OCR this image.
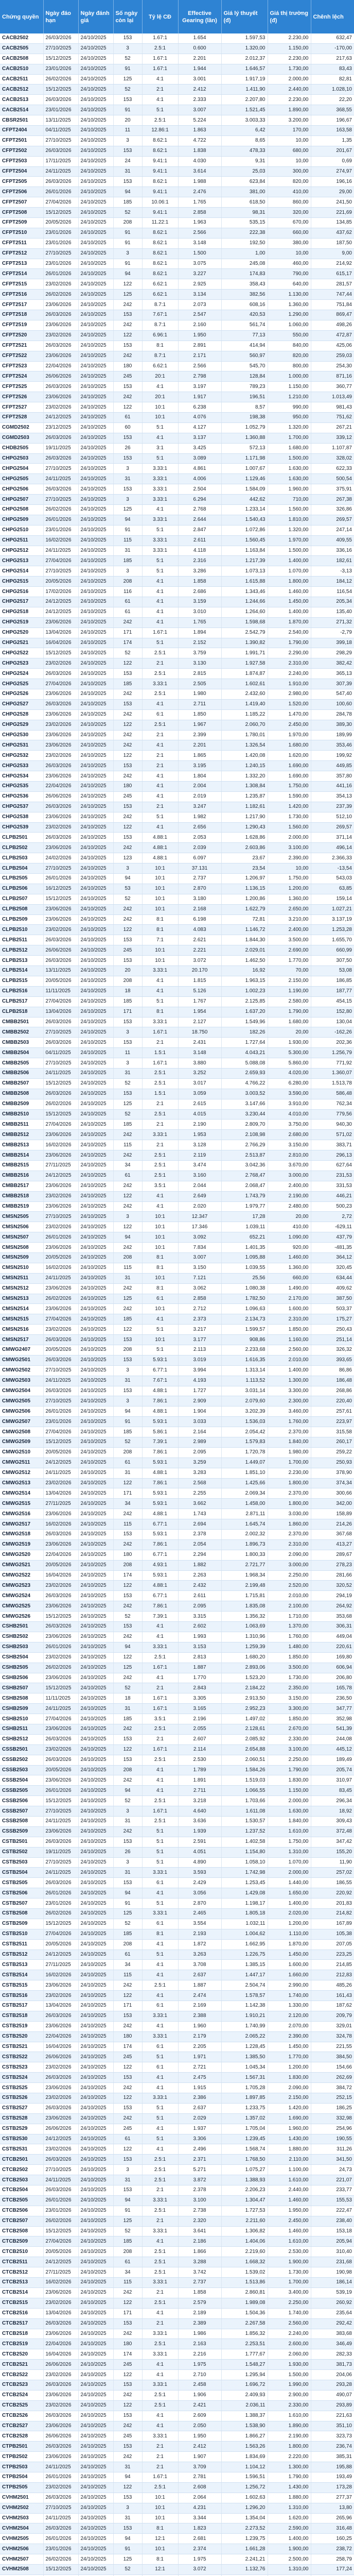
Chứng quyền	Ngày đáo hạn	Ngày đánh giá	Số ngày còn lại	Tỷ lệ CĐ	Effective Gearing (lần)	Giá lý thuyết (đ)	Giá thị trường (đ)	Chênh lệch
CACB2502	26/03/2026	24/10/2025	153	1.67:1	1.654	1.597,53	2.230,00	632,47
CACB2505	27/10/2025	24/10/2025	3	2.5:1	0.600	1.320,00	1.150,00	-170,00
CACB2508	15/12/2025	24/10/2025	52	1.67:1	2.201	2.012,37	2.230,00	217,63
CACB2510	23/01/2026	24/10/2025	91	1.67:1	1.944	1.646,57	1.730,00	83,43
CACB2511	26/02/2026	24/10/2025	125	4:1	3.001	1.917,19	2.000,00	82,81
CACB2512	15/12/2025	24/10/2025	52	2:1	2.412	1.411,90	2.440,00	1.028,10
CACB2513	26/03/2026	24/10/2025	153	4:1	2.333	2.207,80	2.230,00	22,20
CACB2514	23/01/2026	24/10/2025	91	5:1	3.007	1.521,45	1.890,00	368,55
CBSR2501	13/11/2025	24/10/2025	20	2.5:1	5.224	3.003,33	3.200,00	196,67
CFPT2404	04/11/2025	24/10/2025	11	12.86:1	1.863	6,42	170,00	163,58
CFPT2501	27/10/2025	24/10/2025	3	8.62:1	4.722	8,65	10,00	1,35
CFPT2502	26/03/2026	24/10/2025	153	8.62:1	1.838	478,33	680,00	201,67
CFPT2503	17/11/2025	24/10/2025	24	9.41:1	4.030	9,31	10,00	0,69
CFPT2504	24/11/2025	24/10/2025	31	9.41:1	3.614	25,03	300,00	274,97
CFPT2505	26/03/2026	24/10/2025	153	8.62:1	1.988	623,84	820,00	196,16
CFPT2506	26/01/2026	24/10/2025	94	9.41:1	2.476	381,00	410,00	29,00
CFPT2507	27/04/2026	24/10/2025	185	10.06:1	1.765	618,50	860,00	241,50
CFPT2508	15/12/2025	24/10/2025	52	9.41:1	2.858	98,31	320,00	221,69
CFPT2509	20/05/2026	24/10/2025	208	11.22:1	1.963	535,15	670,00	134,85
CFPT2510	23/01/2026	24/10/2025	91	8.62:1	2.566	222,38	660,00	437,62
CFPT2511	23/01/2026	24/10/2025	91	8.62:1	3.148	192,50	380,00	187,50
CFPT2512	27/10/2025	24/10/2025	3	8.62:1	1.500	1,00	10,00	9,00
CFPT2513	23/01/2026	24/10/2025	91	8.62:1	3.075	245,08	460,00	214,92
CFPT2514	26/01/2026	24/10/2025	94	8.62:1	3.227	174,83	790,00	615,17
CFPT2515	23/02/2026	24/10/2025	122	6.62:1	2.925	358,43	640,00	281,57
CFPT2516	26/02/2026	24/10/2025	125	6.62:1	3.134	382,56	1.130,00	747,44
CFPT2517	23/06/2026	24/10/2025	242	8.7:1	2.073	608,16	1.360,00	751,84
CFPT2518	26/03/2026	24/10/2025	153	7.67:1	2.547	420,53	1.290,00	869,47
CFPT2519	23/06/2026	24/10/2025	242	8.7:1	2.160	561,74	1.060,00	498,26
CFPT2520	23/02/2026	24/10/2025	122	6.96:1	1.950	77,13	550,00	472,87
CFPT2521	26/03/2026	24/10/2025	153	8:1	2.891	414,94	840,00	425,06
CFPT2522	23/06/2026	24/10/2025	242	8.7:1	2.171	560,97	820,00	259,03
CFPT2523	22/04/2026	24/10/2025	180	6.62:1	2.566	545,70	800,00	254,30
CFPT2524	26/06/2026	24/10/2025	245	20:1	2.798	128,84	1.000,00	871,16
CFPT2525	26/03/2026	24/10/2025	153	4:1	3.197	789,23	1.150,00	360,77
CFPT2526	23/06/2026	24/10/2025	242	20:1	1.917	196,51	1.210,00	1.013,49
CFPT2527	23/02/2026	24/10/2025	122	10:1	6.238	8,57	990,00	981,43
CFPT2528	24/12/2025	24/10/2025	61	10:1	4.076	198,38	950,00	751,62
CGMD2502	23/12/2025	24/10/2025	60	5:1	4.127	1.052,79	1.320,00	267,21
CGMD2503	26/03/2026	24/10/2025	153	4:1	3.137	1.360,88	1.700,00	339,12
CHDB2505	19/11/2025	24/10/2025	26	3:1	3.425	572,13	1.680,00	1.107,87
CHPG2503	26/03/2026	24/10/2025	153	5:1	3.089	1.171,98	1.500,00	328,02
CHPG2504	27/10/2025	24/10/2025	3	3.33:1	4.861	1.007,67	1.630,00	622,33
CHPG2505	24/11/2025	24/10/2025	31	3.33:1	4.006	1.129,46	1.630,00	500,54
CHPG2506	26/03/2026	24/10/2025	153	3.33:1	2.504	1.584,09	1.960,00	375,91
CHPG2507	27/10/2025	24/10/2025	3	3.33:1	6.294	442,62	710,00	267,38
CHPG2508	26/02/2026	24/10/2025	125	4:1	2.768	1.233,14	1.560,00	326,86
CHPG2509	26/01/2026	24/10/2025	94	3.33:1	2.644	1.540,43	1.810,00	269,57
CHPG2510	23/01/2026	24/10/2025	91	5:1	2.847	1.072,86	1.320,00	247,14
CHPG2511	16/02/2026	24/10/2025	115	3.33:1	2.611	1.560,45	1.970,00	409,55
CHPG2512	24/11/2025	24/10/2025	31	3.33:1	4.118	1.163,84	1.500,00	336,16
CHPG2513	27/04/2026	24/10/2025	185	5:1	2.316	1.217,39	1.400,00	182,61
CHPG2514	27/10/2025	24/10/2025	3	5:1	3.286	1.073,13	1.070,00	-3,13
CHPG2515	20/05/2026	24/10/2025	208	4:1	1.858	1.615,88	1.800,00	184,12
CHPG2516	17/02/2026	24/10/2025	116	4:1	2.686	1.343,46	1.460,00	116,54
CHPG2517	24/12/2025	24/10/2025	61	4:1	3.159	1.244,66	1.450,00	205,34
CHPG2518	24/12/2025	24/10/2025	61	4:1	3.010	1.264,60	1.400,00	135,40
CHPG2519	23/06/2026	24/10/2025	242	4:1	1.765	1.598,68	1.870,00	271,32
CHPG2520	13/04/2026	24/10/2025	171	1.67:1	1.894	2.542,79	2.540,00	-2,79
CHPG2521	16/04/2026	24/10/2025	174	5:1	2.152	1.390,82	1.790,00	399,18
CHPG2522	15/12/2025	24/10/2025	52	2.5:1	3.759	1.991,71	2.290,00	298,29
CHPG2523	23/02/2026	24/10/2025	122	2:1	3.130	1.927,58	2.310,00	382,42
CHPG2524	26/03/2026	24/10/2025	153	2.5:1	2.815	1.874,87	2.240,00	365,13
CHPG2525	27/04/2026	24/10/2025	185	3.33:1	2.505	1.602,61	1.910,00	307,39
CHPG2526	23/06/2026	24/10/2025	242	2.5:1	1.980	2.432,60	2.980,00	547,40
CHPG2527	26/03/2026	24/10/2025	153	4:1	2.711	1.419,40	1.520,00	100,60
CHPG2528	23/06/2026	24/10/2025	242	6:1	1.850	1.185,22	1.470,00	284,78
CHPG2529	23/02/2026	24/10/2025	122	2.5:1	1.967	2.060,70	2.450,00	389,30
CHPG2530	23/06/2026	24/10/2025	242	2:1	2.399	1.780,01	1.970,00	189,99
CHPG2531	23/06/2026	24/10/2025	242	4:1	2.201	1.326,54	1.680,00	353,46
CHPG2532	23/02/2026	24/10/2025	122	2:1	1.865	1.420,08	1.620,00	199,92
CHPG2533	26/03/2026	24/10/2025	153	2:1	3.195	1.240,15	1.690,00	449,85
CHPG2534	23/06/2026	24/10/2025	242	4:1	1.804	1.332,20	1.690,00	357,80
CHPG2535	22/04/2026	24/10/2025	180	4:1	2.004	1.308,84	1.750,00	441,16
CHPG2536	26/06/2026	24/10/2025	245	4:1	2.019	1.235,87	1.590,00	354,13
CHPG2537	26/03/2026	24/10/2025	153	2:1	3.247	1.182,61	1.420,00	237,39
CHPG2538	23/06/2026	24/10/2025	242	5:1	1.982	1.217,90	1.730,00	512,10
CHPG2539	23/02/2026	24/10/2025	122	4:1	2.656	1.290,43	1.560,00	269,57
CLPB2501	26/03/2026	24/10/2025	153	4.88:1	2.053	1.628,86	2.000,00	371,14
CLPB2502	23/06/2026	24/10/2025	242	4.88:1	2.039	2.603,86	3.100,00	496,14
CLPB2503	24/02/2026	24/10/2025	123	4.88:1	6.097	23,67	2.390,00	2.366,33
CLPB2504	27/10/2025	24/10/2025	3	10:1	37.131	23,54	10,00	-13,54
CLPB2505	26/01/2026	24/10/2025	94	10:1	2.737	1.206,97	1.750,00	543,03
CLPB2506	16/12/2025	24/10/2025	53	10:1	2.870	1.136,15	1.200,00	63,85
CLPB2507	15/12/2025	24/10/2025	52	10:1	3.180	1.200,86	1.360,00	159,14
CLPB2508	23/06/2026	24/10/2025	242	10:1	2.168	1.622,79	2.650,00	1.027,21
CLPB2509	23/06/2026	24/10/2025	242	8:1	6.198	72,81	3.210,00	3.137,19
CLPB2510	23/02/2026	24/10/2025	122	8:1	4.083	1.146,72	2.400,00	1.253,28
CLPB2511	26/03/2026	24/10/2025	153	7:1	2.621	1.844,30	3.500,00	1.655,70
CLPB2512	26/06/2026	24/10/2025	245	10:1	2.221	2.029,01	2.690,00	660,99
CLPB2513	26/03/2026	24/10/2025	153	10:1	3.072	1.462,50	1.770,00	307,50
CLPB2514	13/11/2025	24/10/2025	20	3.33:1	20.170	16,92	70,00	53,08
CLPB2515	20/05/2026	24/10/2025	208	4:1	1.815	1.963,15	2.150,00	186,85
CLPB2516	11/11/2025	24/10/2025	18	4:1	5.126	1.002,23	1.190,00	187,77
CLPB2517	27/04/2026	24/10/2025	185	5:1	1.767	2.125,85	2.580,00	454,15
CLPB2518	13/04/2026	24/10/2025	171	8:1	1.954	1.637,20	1.790,00	152,80
CMBB2501	26/03/2026	24/10/2025	153	3.33:1	2.127	1.549,96	1.680,00	130,04
CMBB2502	27/10/2025	24/10/2025	3	1.67:1	18.750	182,26	20,00	-162,26
CMBB2503	26/03/2026	24/10/2025	153	2:1	2.431	1.727,64	1.930,00	202,36
CMBB2504	04/11/2025	24/10/2025	11	1.5:1	3.148	4.043,21	5.300,00	1.256,79
CMBB2505	27/10/2025	24/10/2025	3	1.67:1	3.880	5.088,08	5.860,00	771,92
CMBB2506	24/11/2025	24/10/2025	31	2.5:1	3.252	2.659,93	4.020,00	1.360,07
CMBB2507	15/12/2025	24/10/2025	52	2.5:1	3.017	4.766,22	6.280,00	1.513,78
CMBB2508	26/03/2026	24/10/2025	153	1.5:1	3.059	3.003,52	3.590,00	586,48
CMBB2509	26/02/2026	24/10/2025	125	2:1	2.615	3.147,66	3.910,00	762,34
CMBB2510	15/12/2025	24/10/2025	52	2.5:1	4.015	3.230,44	4.010,00	779,56
CMBB2511	27/04/2026	24/10/2025	185	2:1	2.190	2.809,70	3.750,00	940,30
CMBB2512	23/06/2026	24/10/2025	242	3.33:1	1.953	2.108,98	2.680,00	571,02
CMBB2513	16/02/2026	24/10/2025	115	2:1	3.128	2.766,29	3.150,00	383,71
CMBB2514	23/06/2026	24/10/2025	242	2.5:1	2.119	2.513,87	2.810,00	296,13
CMBB2515	27/11/2025	24/10/2025	34	2.5:1	3.474	3.042,36	3.670,00	627,64
CMBB2516	24/12/2025	24/10/2025	61	2.5:1	3.160	2.768,47	3.000,00	231,53
CMBB2517	23/06/2026	24/10/2025	242	3.5:1	2.044	2.068,47	2.400,00	331,53
CMBB2518	23/02/2026	24/10/2025	122	4:1	2.649	1.743,79	2.190,00	446,21
CMBB2519	23/06/2026	24/10/2025	242	4:1	2.020	1.979,77	2.480,00	500,23
CMSN2505	27/10/2025	24/10/2025	3	10:1	12.347	17,28	20,00	2,72
CMSN2506	23/02/2026	24/10/2025	122	10:1	17.346	1.039,11	410,00	-629,11
CMSN2507	26/01/2026	24/10/2025	94	10:1	3.092	652,21	1.090,00	437,79
CMSN2508	23/06/2026	24/10/2025	242	10:1	7.834	1.401,35	920,00	-481,35
CMSN2509	20/05/2026	24/10/2025	208	8:1	3.007	1.095,88	1.460,00	364,12
CMSN2510	16/02/2026	24/10/2025	115	8:1	3.150	1.039,55	1.360,00	320,45
CMSN2511	24/11/2025	24/10/2025	31	10:1	7.121	25,56	660,00	634,44
CMSN2512	23/06/2026	24/10/2025	242	8:1	3.062	1.080,38	1.490,00	409,62
CMSN2513	26/02/2026	24/10/2025	125	6:1	2.858	1.782,50	2.170,00	387,50
CMSN2514	23/06/2026	24/10/2025	242	10:1	2.712	1.096,63	1.600,00	503,37
CMSN2515	27/04/2026	24/10/2025	185	4:1	2.373	2.134,73	2.310,00	175,27
CMSN2516	23/02/2026	24/10/2025	122	5:1	3.217	1.599,57	1.850,00	250,43
CMSN2517	26/03/2026	24/10/2025	153	10:1	3.177	908,86	1.160,00	251,14
CMWG2407	20/05/2026	24/10/2025	208	5:1	2.113	2.233,68	2.560,00	326,32
CMWG2501	26/03/2026	24/10/2025	153	5.93:1	3.019	1.616,35	2.010,00	393,65
CMWG2502	27/10/2025	24/10/2025	3	6.77:1	3.994	1.313,14	1.400,00	86,86
CMWG2503	24/11/2025	24/10/2025	31	7.67:1	4.193	1.113,52	1.300,00	186,48
CMWG2504	26/03/2026	24/10/2025	153	4.88:1	1.727	3.031,14	3.300,00	268,86
CMWG2505	27/10/2025	24/10/2025	3	7.86:1	2.909	2.079,60	2.300,00	220,40
CMWG2506	26/01/2026	24/10/2025	94	4.88:1	1.904	3.202,39	3.460,00	257,61
CMWG2507	23/01/2026	24/10/2025	91	5.93:1	3.033	1.536,03	1.760,00	223,97
CMWG2508	27/04/2026	24/10/2025	185	5.86:1	2.164	2.054,42	2.370,00	315,58
CMWG2509	15/12/2025	24/10/2025	52	7.39:1	2.989	1.579,83	1.840,00	260,17
CMWG2510	20/05/2026	24/10/2025	208	7.86:1	2.095	1.720,78	1.980,00	259,22
CMWG2511	24/12/2025	24/10/2025	61	5.93:1	3.259	1.449,07	1.700,00	250,93
CMWG2512	24/11/2025	24/10/2025	31	4.88:1	3.283	1.851,10	2.230,00	378,90
CMWG2513	23/02/2026	24/10/2025	122	7.86:1	2.568	1.425,66	1.800,00	374,34
CMWG2514	13/04/2026	24/10/2025	171	5.93:1	2.255	2.069,34	2.370,00	300,66
CMWG2515	27/11/2025	24/10/2025	34	5.93:1	3.662	1.458,00	1.800,00	342,00
CMWG2516	23/06/2026	24/10/2025	242	4.88:1	1.743	2.871,11	3.030,00	158,89
CMWG2517	16/02/2026	24/10/2025	115	6.77:1	2.694	1.645,74	1.860,00	214,26
CMWG2518	26/03/2026	24/10/2025	153	5.93:1	2.378	2.002,32	2.370,00	367,68
CMWG2519	23/06/2026	24/10/2025	242	7.86:1	2.054	1.896,73	2.310,00	413,27
CMWG2520	22/04/2026	24/10/2025	180	6.77:1	2.294	1.800,33	2.090,00	289,67
CMWG2521	20/05/2026	24/10/2025	208	4.93:1	1.882	2.721,77	3.000,00	278,23
CMWG2522	16/04/2026	24/10/2025	174	5.93:1	2.263	1.968,34	2.250,00	281,66
CMWG2523	23/02/2026	24/10/2025	122	4.88:1	2.432	2.199,48	2.520,00	320,52
CMWG2524	26/03/2026	24/10/2025	153	6.77:1	2.611	1.715,81	2.010,00	294,19
CMWG2525	23/06/2026	24/10/2025	242	7.86:1	2.095	1.835,08	2.100,00	264,92
CMWG2526	15/12/2025	24/10/2025	52	7.39:1	3.315	1.356,32	1.710,00	353,68
CSHB2501	26/03/2026	24/10/2025	153	4:1	2.602	1.063,69	1.370,00	306,31
CSHB2502	23/06/2026	24/10/2025	242	4:1	1.993	1.310,96	1.760,00	449,04
CSHB2503	26/01/2026	24/10/2025	94	3.33:1	3.153	1.259,39	1.480,00	220,61
CSHB2504	23/02/2026	24/10/2025	122	2.5:1	2.813	1.680,20	1.850,00	169,80
CSHB2505	26/02/2026	24/10/2025	125	1.67:1	1.887	2.893,06	3.500,00	606,94
CSHB2506	23/06/2026	24/10/2025	242	4:1	1.770	1.523,20	1.730,00	206,80
CSHB2507	15/12/2025	24/10/2025	52	2:1	2.843	2.184,22	2.350,00	165,78
CSHB2508	11/11/2025	24/10/2025	18	1.67:1	3.305	2.913,50	3.150,00	236,50
CSHB2509	24/11/2025	24/10/2025	31	1.67:1	3.165	2.952,23	3.300,00	347,77
CSHB2510	27/04/2026	24/10/2025	185	3.5:1	2.196	1.497,02	1.850,00	352,98
CSHB2511	23/06/2026	24/10/2025	242	2.5:1	2.055	2.128,61	2.670,00	541,39
CSHB2512	26/03/2026	24/10/2025	153	2:1	2.607	2.085,92	2.330,00	244,08
CSSB2501	23/02/2026	24/10/2025	122	1.67:1	2.114	2.654,88	3.100,00	445,12
CSSB2502	26/03/2026	24/10/2025	153	2.5:1	2.530	2.060,51	2.250,00	189,49
CSSB2503	20/05/2026	24/10/2025	208	4:1	1.789	1.584,26	1.790,00	205,74
CSSB2504	23/06/2026	24/10/2025	242	4:1	1.891	1.519,03	1.830,00	310,97
CSSB2505	26/01/2026	24/10/2025	94	4:1	2.711	1.066,55	1.150,00	83,45
CSSB2506	15/12/2025	24/10/2025	52	2.5:1	3.218	1.703,66	2.000,00	296,34
CSSB2507	27/10/2025	24/10/2025	3	1.67:1	4.640	1.611,08	1.630,00	18,92
CSSB2508	24/11/2025	24/10/2025	31	2.5:1	3.636	1.530,57	1.840,00	309,43
CSSB2509	23/06/2026	24/10/2025	242	5:1	1.939	1.237,52	1.610,00	372,48
CSTB2501	26/03/2026	24/10/2025	153	5:1	2.591	1.402,58	1.750,00	347,42
CSTB2502	19/11/2025	24/10/2025	26	5:1	4.051	1.154,80	1.310,00	155,20
CSTB2503	27/10/2025	24/10/2025	3	5:1	4.890	1.058,10	1.070,00	11,90
CSTB2504	24/11/2025	24/10/2025	31	3.33:1	3.593	1.742,98	2.000,00	257,02
CSTB2505	26/03/2026	24/10/2025	153	6:1	2.429	1.253,45	1.440,00	186,55
CSTB2506	26/01/2026	24/10/2025	94	4:1	3.056	1.429,08	1.650,00	220,92
CSTB2507	23/01/2026	24/10/2025	91	5:1	2.870	1.198,17	1.400,00	201,83
CSTB2508	26/02/2026	24/10/2025	125	3.33:1	2.465	1.805,18	2.020,00	214,82
CSTB2509	15/12/2025	24/10/2025	52	6:1	3.554	1.032,11	1.200,00	167,89
CSTB2510	27/04/2026	24/10/2025	185	8:1	2.193	1.004,62	1.110,00	105,38
CSTB2511	20/05/2026	24/10/2025	208	4:1	1.872	1.662,95	1.870,00	207,05
CSTB2512	24/12/2025	24/10/2025	61	5:1	3.263	1.226,75	1.450,00	223,25
CSTB2513	27/11/2025	24/10/2025	34	4:1	3.708	1.385,15	1.600,00	214,85
CSTB2514	16/02/2026	24/10/2025	115	4:1	2.637	1.447,17	1.660,00	212,83
CSTB2515	23/06/2026	24/10/2025	242	2.5:1	1.887	2.504,74	2.990,00	485,26
CSTB2516	23/02/2026	24/10/2025	122	4:1	2.474	1.578,57	1.740,00	161,43
CSTB2517	13/04/2026	24/10/2025	171	6:1	2.169	1.142,38	1.330,00	187,62
CSTB2518	26/03/2026	24/10/2025	153	3.33:1	2.388	1.910,21	2.120,00	209,79
CSTB2519	23/06/2026	24/10/2025	242	4:1	1.960	1.740,99	2.070,00	329,01
CSTB2520	22/04/2026	24/10/2025	180	3.33:1	2.179	2.065,22	2.390,00	324,78
CSTB2521	16/04/2026	24/10/2025	174	6:1	2.205	1.228,45	1.450,00	221,55
CSTB2522	26/06/2026	24/10/2025	245	5:1	1.971	1.385,50	1.770,00	384,50
CSTB2523	23/02/2026	24/10/2025	122	6:1	2.721	1.045,34	1.200,00	154,66
CSTB2524	26/03/2026	24/10/2025	153	4:1	2.475	1.567,31	1.830,00	262,69
CSTB2525	23/06/2026	24/10/2025	242	4:1	1.915	1.705,28	2.090,00	384,72
CSTB2526	23/02/2026	24/10/2025	122	3.33:1	2.386	1.897,85	2.150,00	252,15
CSTB2527	26/03/2026	24/10/2025	153	5:1	2.637	1.233,75	1.420,00	186,25
CSTB2528	23/06/2026	24/10/2025	242	5:1	2.029	1.357,02	1.690,00	332,98
CSTB2529	26/06/2026	24/10/2025	245	4:1	1.937	1.705,04	1.960,00	254,96
CSTB2530	24/12/2025	24/10/2025	61	5:1	3.306	1.239,45	1.430,00	190,55
CSTB2531	23/02/2026	24/10/2025	122	4:1	2.496	1.568,74	1.880,00	311,26
CTCB2501	26/03/2026	24/10/2025	153	2.5:1	2.371	1.768,50	2.110,00	341,50
CTCB2502	27/10/2025	24/10/2025	3	2.5:1	5.271	1.075,27	1.100,00	24,73
CTCB2503	24/11/2025	24/10/2025	31	2.5:1	3.872	1.388,93	1.610,00	221,07
CTCB2504	26/03/2026	24/10/2025	153	2:1	2.378	2.206,23	2.440,00	233,77
CTCB2505	26/01/2026	24/10/2025	94	3.33:1	3.100	1.304,47	1.460,00	155,53
CTCB2506	23/01/2026	24/10/2025	91	2.5:1	2.738	1.727,53	1.950,00	222,47
CTCB2507	26/02/2026	24/10/2025	125	2:1	2.320	2.211,60	2.450,00	238,40
CTCB2508	15/12/2025	24/10/2025	52	3.33:1	3.641	1.306,82	1.460,00	153,18
CTCB2509	27/04/2026	24/10/2025	185	4:1	2.186	1.404,06	1.610,00	205,94
CTCB2510	20/05/2026	24/10/2025	208	2.5:1	1.866	2.219,60	2.530,00	310,40
CTCB2511	24/12/2025	24/10/2025	61	2.5:1	3.288	1.668,32	1.900,00	231,68
CTCB2512	27/11/2025	24/10/2025	34	2.5:1	3.742	1.539,02	1.730,00	190,98
CTCB2513	16/02/2026	24/10/2025	115	3.33:1	2.737	1.513,86	1.700,00	186,14
CTCB2514	23/06/2026	24/10/2025	242	2:1	1.858	2.860,81	3.400,00	539,19
CTCB2515	23/02/2026	24/10/2025	122	2.5:1	2.579	1.989,08	2.250,00	260,92
CTCB2516	13/04/2026	24/10/2025	171	4:1	2.189	1.504,36	1.740,00	235,64
CTCB2517	26/03/2026	24/10/2025	153	2:1	2.389	2.267,58	2.560,00	292,42
CTCB2518	23/06/2026	24/10/2025	242	3.33:1	1.986	1.856,32	2.240,00	383,68
CTCB2519	22/04/2026	24/10/2025	180	2.5:1	2.163	2.253,51	2.600,00	346,49
CTCB2520	16/04/2026	24/10/2025	174	3.33:1	2.216	1.777,67	2.060,00	282,33
CTCB2521	26/06/2026	24/10/2025	245	4:1	1.975	1.548,27	1.930,00	381,73
CTCB2522	23/02/2026	24/10/2025	122	4:1	2.710	1.295,94	1.500,00	204,06
CTCB2523	26/03/2026	24/10/2025	153	3.33:1	2.458	1.696,72	1.990,00	293,28
CTCB2524	23/06/2026	24/10/2025	242	2.5:1	1.906	2.409,93	2.900,00	490,07
CTCB2525	23/02/2026	24/10/2025	122	2.5:1	2.421	2.036,11	2.330,00	293,89
CTCB2526	26/03/2026	24/10/2025	153	4:1	2.609	1.388,37	1.610,00	221,63
CTCB2527	23/06/2026	24/10/2025	242	4:1	2.050	1.538,90	1.890,00	351,10
CTCB2528	26/06/2026	24/10/2025	245	3.33:1	1.950	1.866,27	2.190,00	323,73
CTPB2501	26/03/2026	24/10/2025	153	2:1	2.412	1.563,26	1.800,00	236,74
CTPB2502	23/06/2026	24/10/2025	242	2:1	1.907	1.834,69	2.220,00	385,31
CTPB2503	24/11/2025	24/10/2025	31	2:1	3.709	1.104,12	1.300,00	195,88
CTPB2504	26/01/2026	24/10/2025	94	1.67:1	2.781	1.596,51	1.790,00	193,49
CTPB2505	23/02/2026	24/10/2025	122	2.5:1	2.608	1.256,72	1.430,00	173,28
CVHM2501	26/03/2026	24/10/2025	153	10:1	2.064	1.602,63	1.880,00	277,37
CVHM2502	27/10/2025	24/10/2025	3	10:1	4.231	1.296,20	1.310,00	13,80
CVHM2503	24/11/2025	24/10/2025	31	10:1	3.344	1.354,04	1.620,00	265,96
CVHM2504	26/03/2026	24/10/2025	153	8:1	1.823	2.273,52	2.590,00	316,48
CVHM2505	26/01/2026	24/10/2025	94	12:1	2.681	1.239,75	1.400,00	160,25
CVHM2506	23/01/2026	24/10/2025	91	10:1	2.374	1.661,28	1.900,00	238,72
CVHM2507	26/02/2026	24/10/2025	125	8:1	1.975	2.241,21	2.500,00	258,79
CVHM2508	15/12/2025	24/10/2025	52	12:1	3.072	1.132,76	1.310,00	177,24
